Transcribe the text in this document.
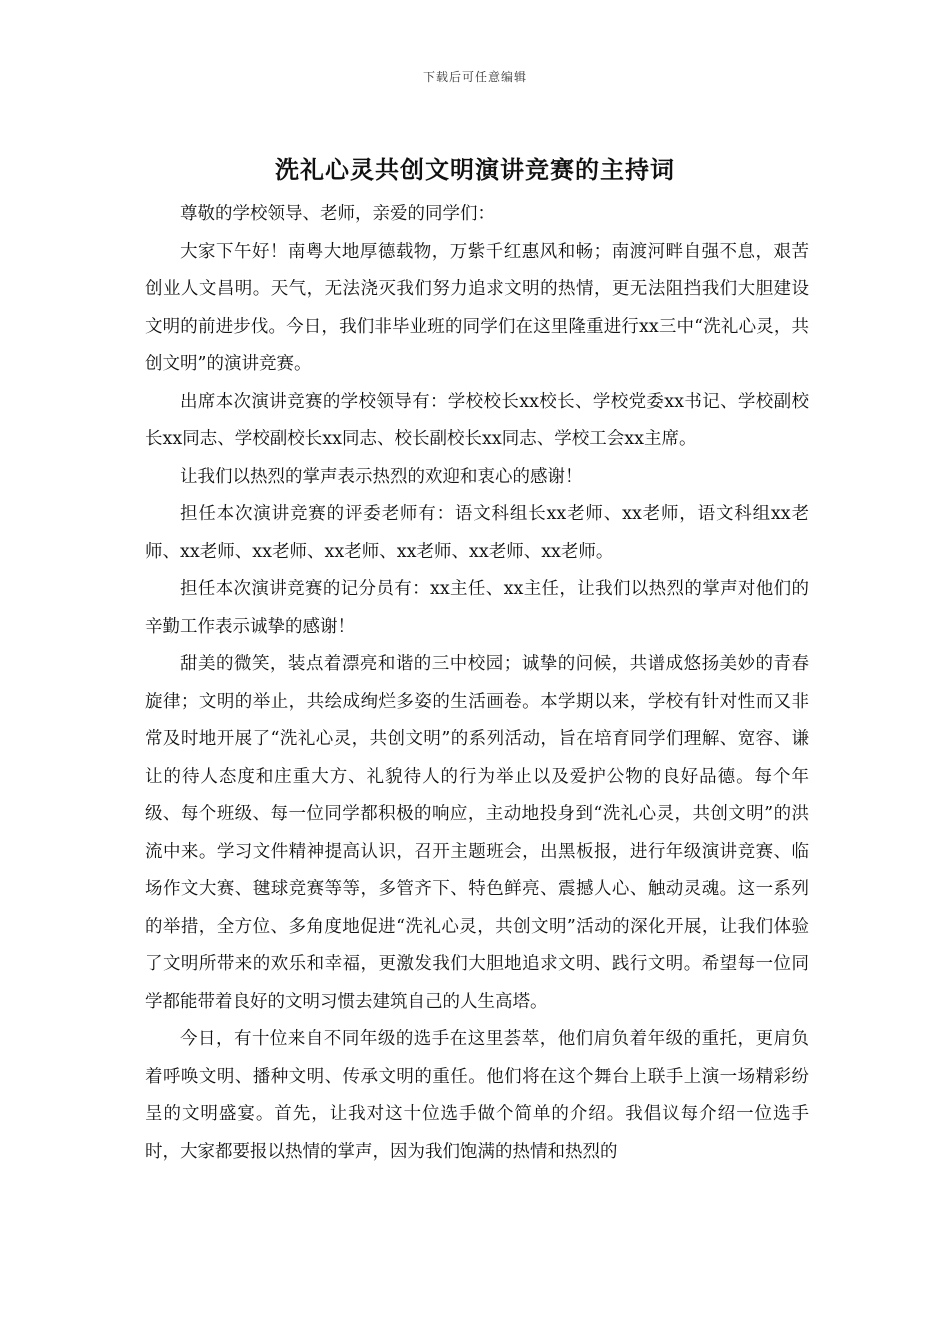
下载后可任意编辑
洗礼心灵共创文明演讲竞赛的主持词

尊敬的学校领导、老师，亲爱的同学们：

大家下午好！南粤大地厚德载物，万紫千红惠风和畅；南渡河畔自强不息，艰苦创业人文昌明。天气，无法浇灭我们努力追求文明的热情，更无法阻挡我们大胆建设文明的前进步伐。今日，我们非毕业班的同学们在这里隆重进行xx三中“洗礼心灵，共创文明”的演讲竞赛。

出席本次演讲竞赛的学校领导有：学校校长xx校长、学校党委xx书记、学校副校长xx同志、学校副校长xx同志、校长副校长xx同志、学校工会xx主席。

让我们以热烈的掌声表示热烈的欢迎和衷心的感谢！

担任本次演讲竞赛的评委老师有：语文科组长xx老师、xx老师，语文科组xx老师、xx老师、xx老师、xx老师、xx老师、xx老师、xx老师。

担任本次演讲竞赛的记分员有：xx主任、xx主任，让我们以热烈的掌声对他们的辛勤工作表示诚挚的感谢！

甜美的微笑，装点着漂亮和谐的三中校园；诚挚的问候，共谱成悠扬美妙的青春旋律；文明的举止，共绘成绚烂多姿的生活画卷。本学期以来，学校有针对性而又非常及时地开展了“洗礼心灵，共创文明”的系列活动，旨在培育同学们理解、宽容、谦让的待人态度和庄重大方、礼貌待人的行为举止以及爱护公物的良好品德。每个年级、每个班级、每一位同学都积极的响应，主动地投身到“洗礼心灵，共创文明”的洪流中来。学习文件精神提高认识，召开主题班会，出黑板报，进行年级演讲竞赛、临场作文大赛、毽球竞赛等等，多管齐下、特色鲜亮、震撼人心、触动灵魂。这一系列的举措，全方位、多角度地促进“洗礼心灵，共创文明”活动的深化开展，让我们体验了文明所带来的欢乐和幸福，更激发我们大胆地追求文明、践行文明。希望每一位同学都能带着良好的文明习惯去建筑自己的人生高塔。

今日，有十位来自不同年级的选手在这里荟萃，他们肩负着年级的重托，更肩负着呼唤文明、播种文明、传承文明的重任。他们将在这个舞台上联手上演一场精彩纷呈的文明盛宴。首先，让我对这十位选手做个简单的介绍。我倡议每介绍一位选手时，大家都要报以热情的掌声，因为我们饱满的热情和热烈的
